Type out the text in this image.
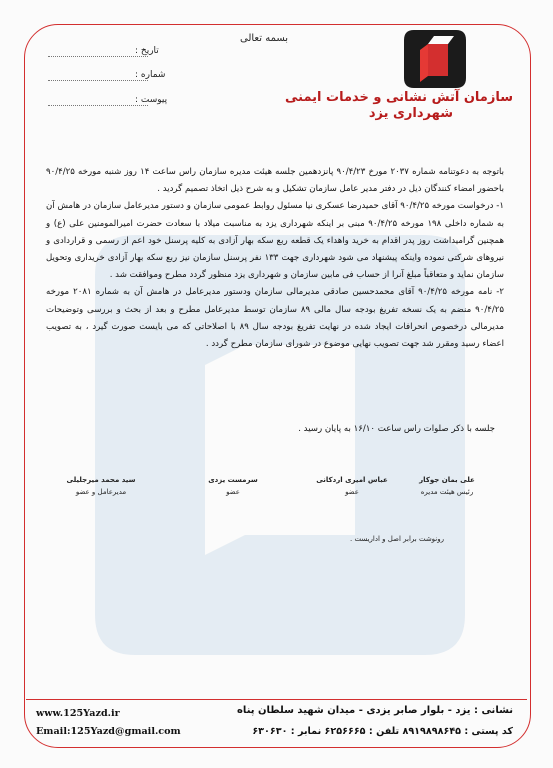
بسمه تعالی
سازمان آتش نشانی و خدمات ایمنی
شهرداری یزد
تاریخ :
شماره :
پیوست :

باتوجه به دعوتنامه شماره ۲۰۳۷ مورخ ۹۰/۴/۲۳ پانزدهمین جلسه هیئت مدیره سازمان راس ساعت ۱۴ روز شنبه مورخه ۹۰/۴/۲۵ باحضور امضاء کنندگان ذیل در دفتر مدیر عامل سازمان تشکیل و به شرح ذیل اتخاذ تصمیم گردید .

۱- درخواست مورخه ۹۰/۴/۲۵ آقای حمیدرضا عسکری نیا مسئول روابط عمومی سازمان و دستور مدیرعامل سازمان در هامش آن به شماره داخلی ۱۹۸ مورخه ۹۰/۴/۲۵ مبنی بر اینکه شهرداری یزد به مناسبت میلاد با سعادت حضرت امیرالمومنین علی (ع) و همچنین گرامیداشت روز پدر اقدام به خرید واهداء یک قطعه ربع سکه بهار آزادی به کلیه پرسنل خود اعم از رسمی و قراردادی و نیروهای شرکتی نموده واینکه پیشنهاد می شود شهرداری جهت ۱۳۳ نفر پرسنل سازمان نیز ربع سکه بهار آزادی خریداری وتحویل سازمان نماید و متعاقباً مبلغ آنرا از حساب فی مابین سازمان و شهرداری یزد منظور گردد مطرح وموافقت شد .

۲- نامه مورخه ۹۰/۴/۲۵ آقای محمدحسین صادقی مدیرمالی سازمان ودستور مدیرعامل در هامش آن به شماره ۲۰۸۱ مورخه ۹۰/۴/۲۵ منضم به یک نسخه تفریغ بودجه سال مالی ۸۹ سازمان توسط مدیرعامل مطرح و بعد از بحث و بررسی وتوضیحات مدیرمالی درخصوص انحرافات ایجاد شده در نهایت تفریغ بودجه سال ۸۹ با اصلاحاتی که می بایست صورت گیرد ، به تصویب اعضاء رسید ومقرر شد جهت تصویب نهایی موضوع در شورای سازمان مطرح گردد .

جلسه با ذکر صلوات راس ساعت ۱۶/۱۰ به پایان رسید .
علی بمان جوکار
رئیس هیئت مدیره
عباس امیری اردکانی
عضو
سرمست یزدی
عضو
سید محمد میرجلیلی
مدیرعامل و عضو
رونوشت برابر اصل و اداریست .
نشانی : یزد - بلوار صابر یزدی - میدان شهید سلطان پناه
کد پستی : ۸۹۱۹۸۹۸۶۴۵ تلفن : ۶۲۵۶۶۶۵ نمابر : ۶۳۰۶۳۰
www.125Yazd.ir
Email:125Yazd@gmail.com
